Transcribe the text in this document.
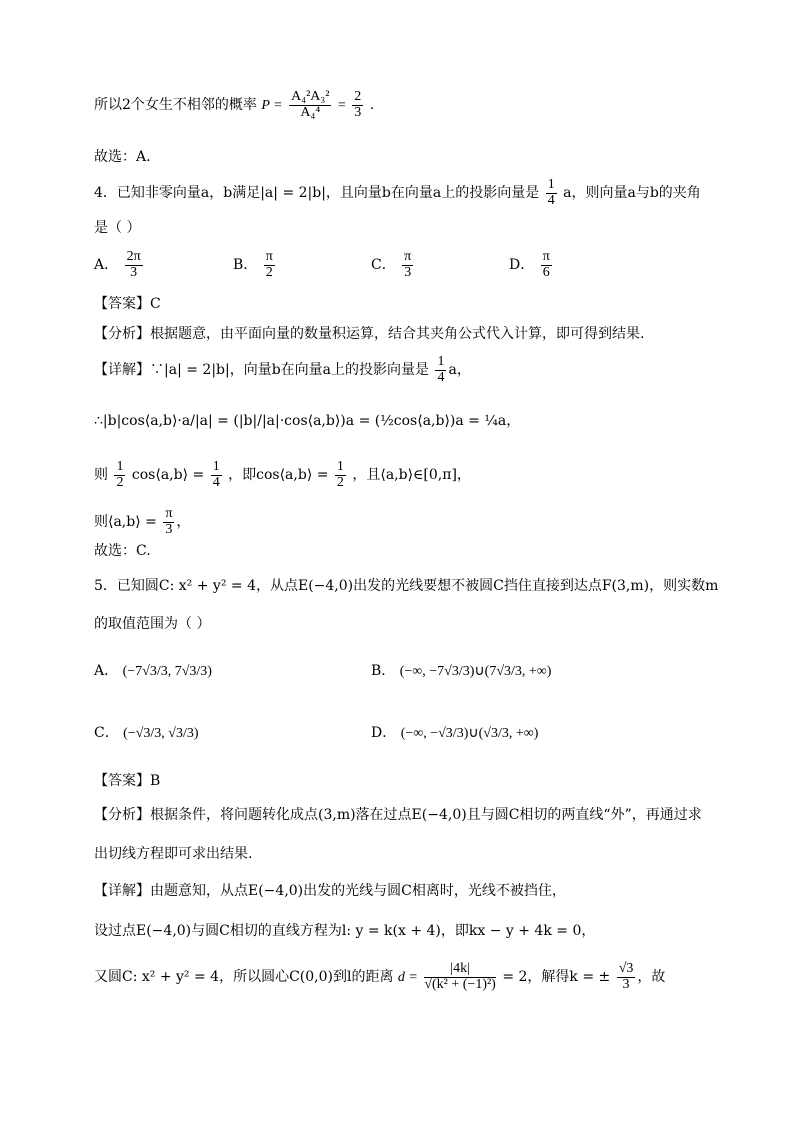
所以2个女生不相邻的概率 $P = \frac{\text{A₄²A₃²}}{\text{A₄⁴}} = \frac{2}{3}$ .
故选：A.
4．已知非零向量a，b满足|a| = 2|b|，且向量b在向量a上的投影向量是 $\frac{1}{4}$ a，则向量a与b的夹角
是（ ）
A． $\frac{2\pi}{3}$	B． $\frac{\pi}{2}$	C． $\frac{\pi}{3}$	D． $\frac{\pi}{6}$
【答案】C
【分析】根据题意，由平面向量的数量积运算，结合其夹角公式代入计算，即可得到结果.
【详解】∵|a| = 2|b|，向量b在向量a上的投影向量是 $\frac{1}{4}$ a，
∴|b|cos⟨a,b⟩·a/|a| = (|b|/|a|·cos⟨a,b⟩)a = (½cos⟨a,b⟩)a = ¼a，
则 $\frac{1}{2}$ cos⟨a,b⟩ = $\frac{1}{4}$ ，即cos⟨a,b⟩ = $\frac{1}{2}$ ，且⟨a,b⟩∈[0,π]，
则⟨a,b⟩ = $\frac{\pi}{3}$ ，
故选：C.
5．已知圆C: x² + y² = 4，从点E(−4,0)出发的光线要想不被圆C挡住直接到达点F(3,m)，则实数m
的取值范围为（ ）
A． (−7√3/3, 7√3/3)	B． (−∞, −7√3/3)∪(7√3/3, +∞)
C． (−√3/3, √3/3)	D． (−∞, −√3/3)∪(√3/3, +∞)
【答案】B
【分析】根据条件，将问题转化成点(3,m)落在过点E(−4,0)且与圆C相切的两直线“外”，再通过求
出切线方程即可求出结果.
【详解】由题意知，从点E(−4,0)出发的光线与圆C相离时，光线不被挡住，
设过点E(−4,0)与圆C相切的直线方程为l: y = k(x + 4)，即kx − y + 4k = 0，
又圆C: x² + y² = 4，所以圆心C(0,0)到l的距离 $d = \frac{|4k|}{\text{√(k² + (−1)²)}} = 2$，解得k = ± $\frac{√3}{3}$ ，故
